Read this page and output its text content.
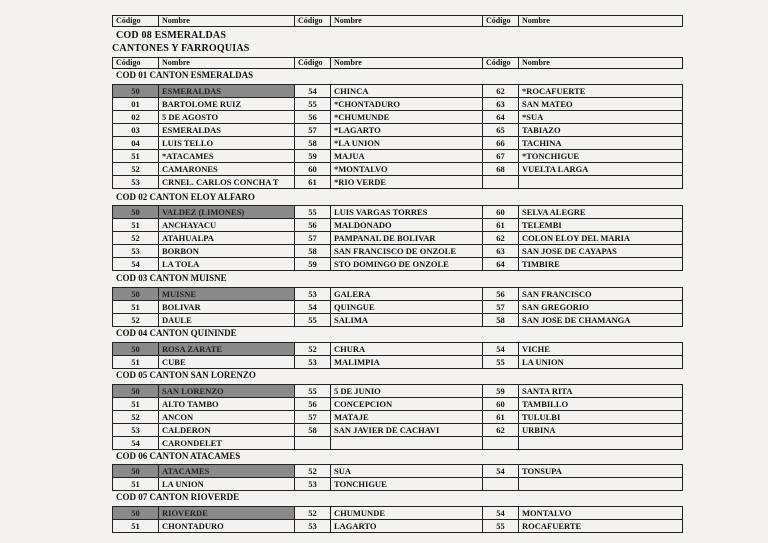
Código	Nombre	Código	Nombre	Código	Nombre
COD 08 ESMERALDAS
CANTONES Y FARROQUIAS
Código	Nombre	Código	Nombre	Código	Nombre
COD 01 CANTON ESMERALDAS
50	ESMERALDAS	54	CHINCA	62	*ROCAFUERTE
01	BARTOLOME RUIZ	55	*CHONTADURO	63	SAN MATEO
02	5 DE AGOSTO	56	*CHUMUNDE	64	*SUA
03	ESMERALDAS	57	*LAGARTO	65	TABIAZO
04	LUIS TELLO	58	*LA UNION	66	TACHINA
51	*ATACAMES	59	MAJUA	67	*TONCHIGUE
52	CAMARONES	60	*MONTALVO	68	VUELTA LARGA
53	CRNEL. CARLOS CONCHA T	61	*RIO VERDE		
COD 02 CANTON ELOY ALFARO
50	VALDEZ (LIMONES)	55	LUIS VARGAS TORRES	60	SELVA ALEGRE
51	ANCHAYACU	56	MALDONADO	61	TELEMBI
52	ATAHUALPA	57	PAMPANAL DE BOLIVAR	62	COLON ELOY DEL MARIA
53	BORBON	58	SAN FRANCISCO DE ONZOLE	63	SAN JOSE DE CAYAPAS
54	LA TOLA	59	STO DOMINGO DE ONZOLE	64	TIMBIRE
COD 03 CANTON MUISNE
50	MUISNE	53	GALERA	56	SAN FRANCISCO
51	BOLIVAR	54	QUINGUE	57	SAN GREGORIO
52	DAULE	55	SALIMA	58	SAN JOSE DE CHAMANGA
COD 04 CANTON QUININDE
50	ROSA ZARATE	52	CHURA	54	VICHE
51	CUBE	53	MALIMPIA	55	LA UNION
COD 05 CANTON SAN LORENZO
50	SAN LORENZO	55	5 DE JUNIO	59	SANTA RITA
51	ALTO TAMBO	56	CONCEPCION	60	TAMBILLO
52	ANCON	57	MATAJE	61	TULULBI
53	CALDERON	58	SAN JAVIER DE CACHAVI	62	URBINA
54	CARONDELET				
COD 06 CANTON ATACAMES
50	ATACAMES	52	SUA	54	TONSUPA
51	LA UNION	53	TONCHIGUE		
COD 07 CANTON RIOVERDE
50	RIOVERDE	52	CHUMUNDE	54	MONTALVO
51	CHONTADURO	53	LAGARTO	55	ROCAFUERTE
